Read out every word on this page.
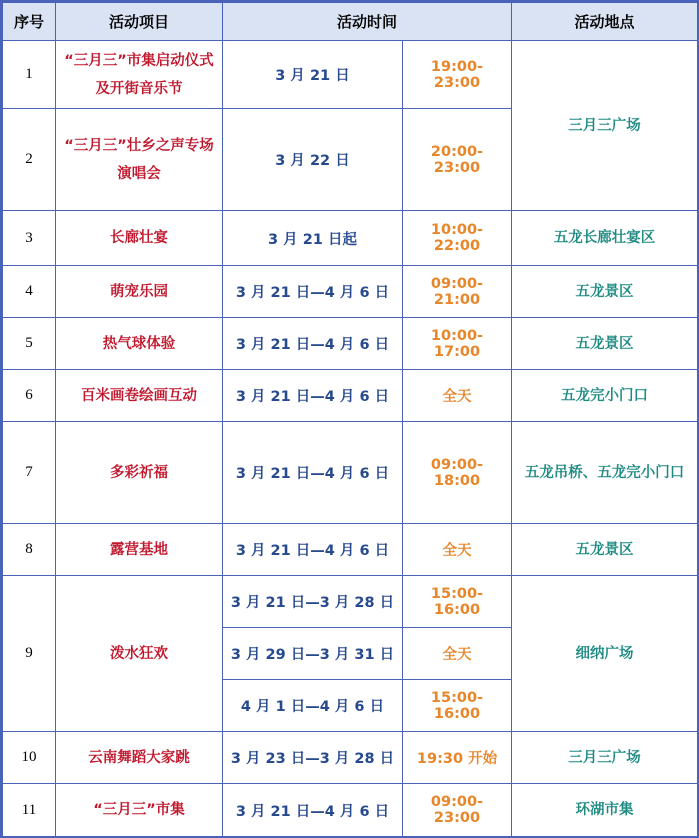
序号	活动项目	活动时间		活动地点
1	“三月三”市集启动仪式及开街音乐节	3 月 21 日	19:00-23:00	三月三广场
2	“三月三”壮乡之声专场演唱会	3 月 22 日	20:00-23:00	
3	长廊壮宴	3 月 21 日起	10:00-22:00	五龙长廊壮宴区
4	萌宠乐园	3 月 21 日—4 月 6 日	09:00-21:00	五龙景区
5	热气球体验	3 月 21 日—4 月 6 日	10:00-17:00	五龙景区
6	百米画卷绘画互动	3 月 21 日—4 月 6 日	全天	五龙完小门口
7	多彩祈福	3 月 21 日—4 月 6 日	09:00-18:00	五龙吊桥、五龙完小门口
8	露营基地	3 月 21 日—4 月 6 日	全天	五龙景区
9	泼水狂欢	3 月 21 日—3 月 28 日	15:00-16:00	细纳广场
		3 月 29 日—3 月 31 日	全天	
		4 月 1 日—4 月 6 日	15:00-16:00	
10	云南舞蹈大家跳	3 月 23 日—3 月 28 日	19:30 开始	三月三广场
11	“三月三”市集	3 月 21 日—4 月 6 日	09:00-23:00	环湖市集
